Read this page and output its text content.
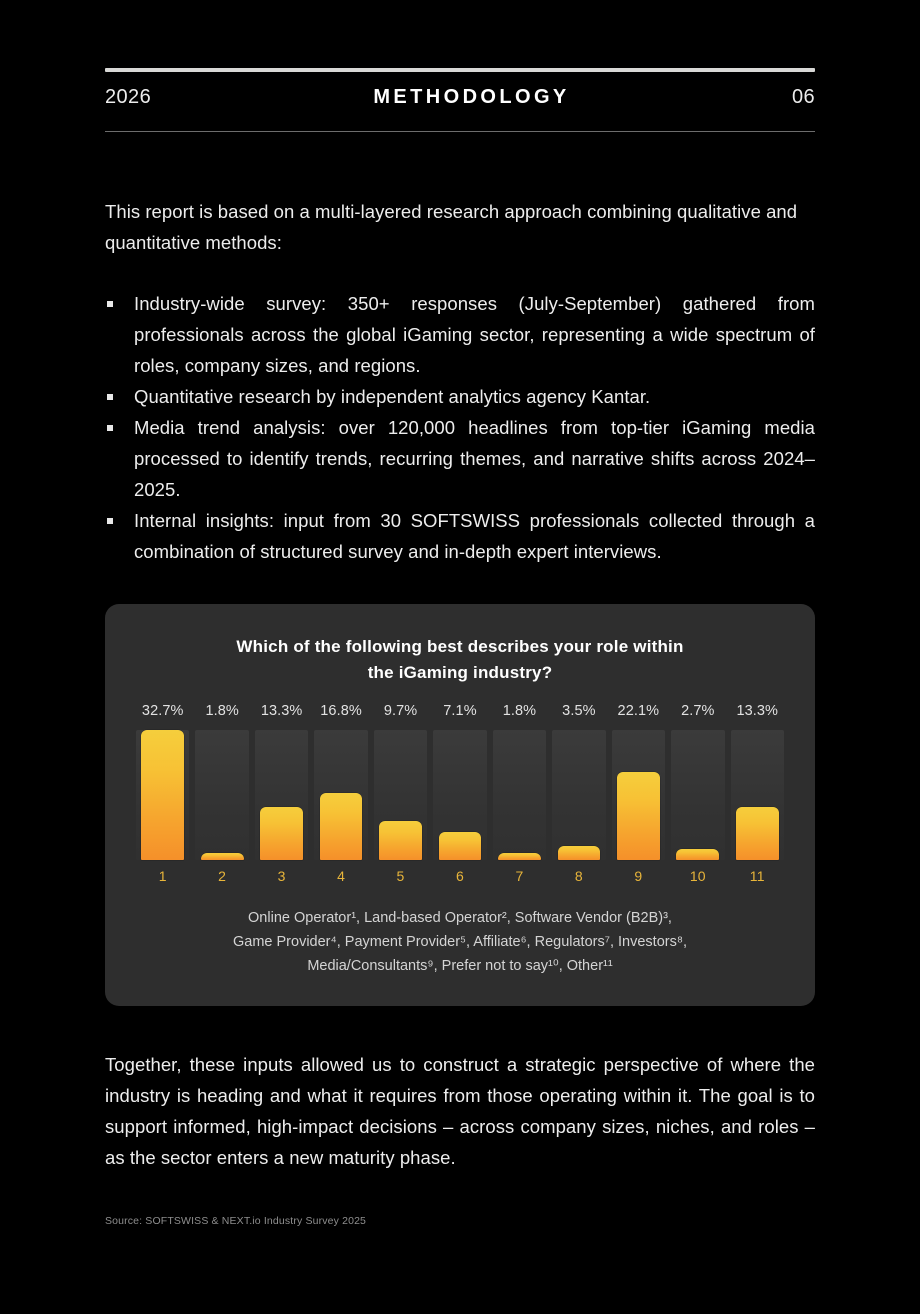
2026	METHODOLOGY	06

This report is based on a multi-layered research approach combining qualitative and quantitative methods:

Industry-wide survey: 350+ responses (July-September) gathered from professionals across the global iGaming sector, representing a wide spectrum of roles, company sizes, and regions.
Quantitative research by independent analytics agency Kantar.
Media trend analysis: over 120,000 headlines from top-tier iGaming media processed to identify trends, recurring themes, and narrative shifts across 2024–2025.
Internal insights: input from 30 SOFTSWISS professionals collected through a combination of structured survey and in-depth expert interviews.
Which of the following best describes your role within
the iGaming industry?
32.7%	1.8%	13.3%	16.8%	9.7%	7.1%	1.8%	3.5%	22.1%	2.7%	13.3%
1	2	3	4	5	6	7	8	9	10	11
Online Operator¹, Land-based Operator², Software Vendor (B2B)³,
Game Provider⁴, Payment Provider⁵, Affiliate⁶, Regulators⁷, Investors⁸,
Media/Consultants⁹, Prefer not to say¹⁰, Other¹¹

Together, these inputs allowed us to construct a strategic perspective of where the industry is heading and what it requires from those operating within it. The goal is to support informed, high-impact decisions – across company sizes, niches, and roles – as the sector enters a new maturity phase.

Source: SOFTSWISS & NEXT.io Industry Survey 2025
